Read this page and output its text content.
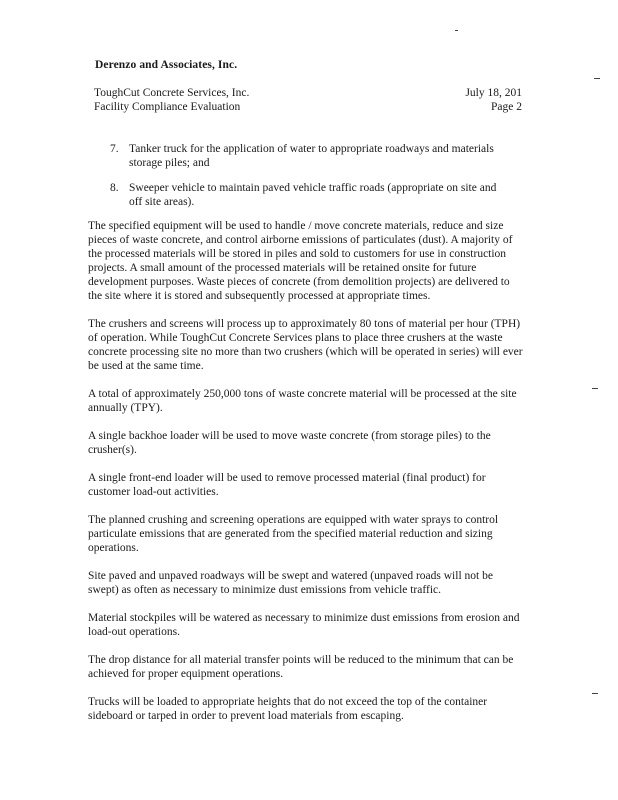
Derenzo and Associates, Inc.
ToughCut Concrete Services, Inc.
Facility Compliance Evaluation
July 18, 201
Page 2
7. Tanker truck for the application of water to appropriate roadways and materials storage piles; and
8. Sweeper vehicle to maintain paved vehicle traffic roads (appropriate on site and off site areas).

The specified equipment will be used to handle / move concrete materials, reduce and size pieces of waste concrete, and control airborne emissions of particulates (dust). A majority of the processed materials will be stored in piles and sold to customers for use in construction projects. A small amount of the processed materials will be retained onsite for future development purposes. Waste pieces of concrete (from demolition projects) are delivered to the site where it is stored and subsequently processed at appropriate times.

The crushers and screens will process up to approximately 80 tons of material per hour (TPH) of operation. While ToughCut Concrete Services plans to place three crushers at the waste concrete processing site no more than two crushers (which will be operated in series) will ever be used at the same time.

A total of approximately 250,000 tons of waste concrete material will be processed at the site annually (TPY).

A single backhoe loader will be used to move waste concrete (from storage piles) to the crusher(s).

A single front-end loader will be used to remove processed material (final product) for customer load-out activities.

The planned crushing and screening operations are equipped with water sprays to control particulate emissions that are generated from the specified material reduction and sizing operations.

Site paved and unpaved roadways will be swept and watered (unpaved roads will not be swept) as often as necessary to minimize dust emissions from vehicle traffic.

Material stockpiles will be watered as necessary to minimize dust emissions from erosion and load-out operations.

The drop distance for all material transfer points will be reduced to the minimum that can be achieved for proper equipment operations.

Trucks will be loaded to appropriate heights that do not exceed the top of the container sideboard or tarped in order to prevent load materials from escaping.
